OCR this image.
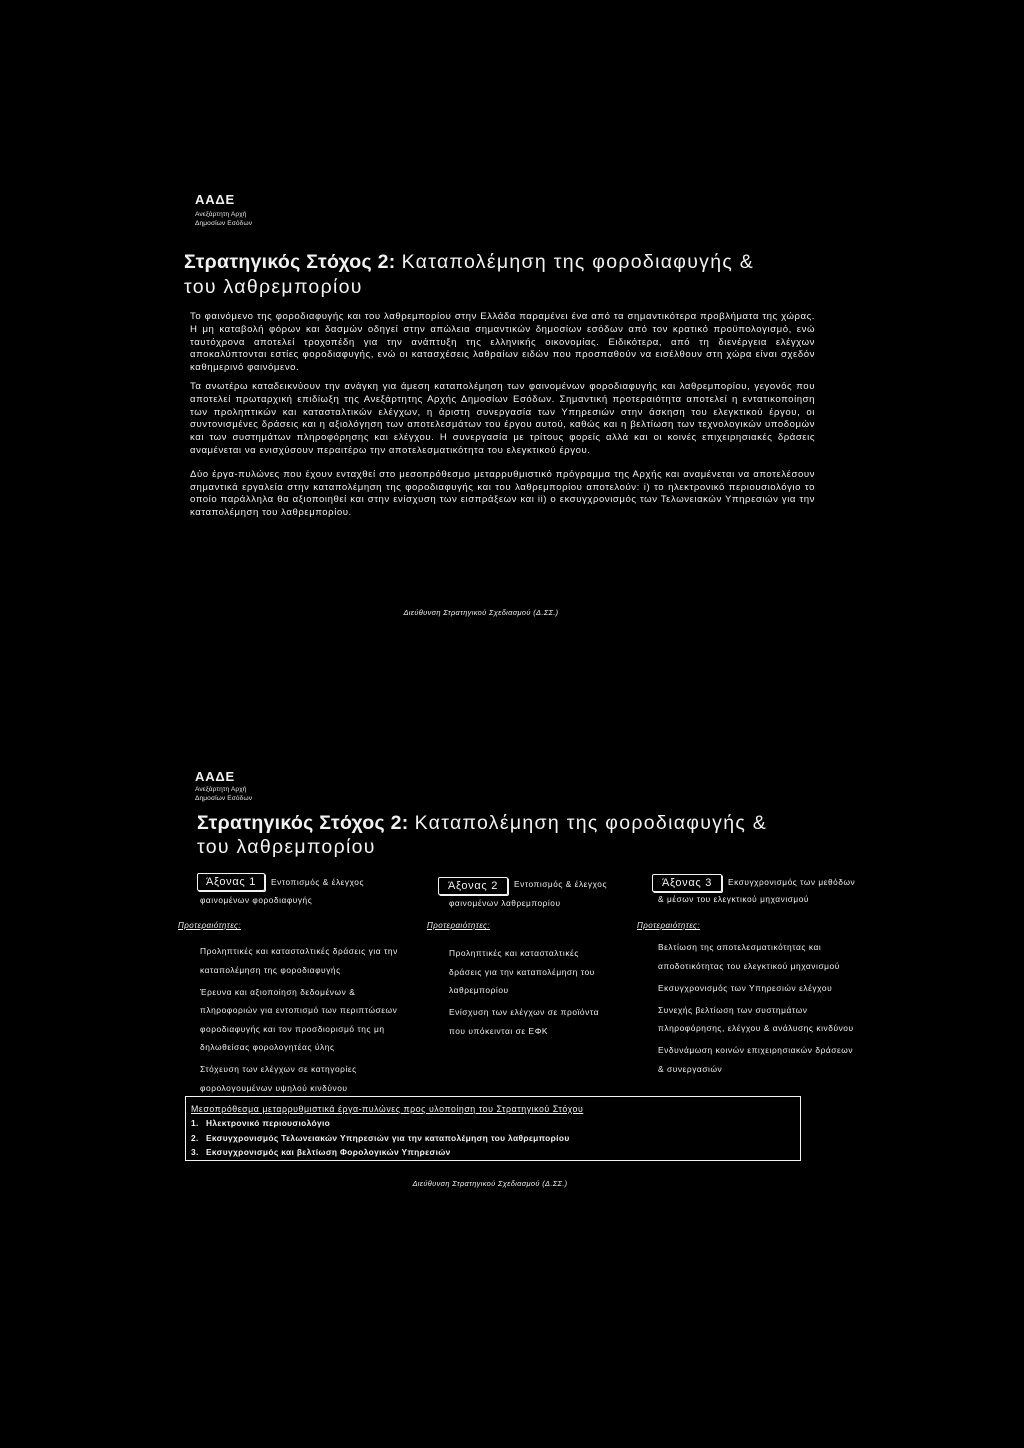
ΑΑΔΕ
Ανεξάρτητη Αρχή
Δημοσίων Εσόδων
Στρατηγικός Στόχος 2: Καταπολέμηση της φοροδιαφυγής &
του λαθρεμπορίου

Το φαινόμενο της φοροδιαφυγής και του λαθρεμπορίου στην Ελλάδα παραμένει ένα από τα σημαντικότερα προβλήματα της χώρας. Η μη καταβολή φόρων και δασμών οδηγεί στην απώλεια σημαντικών δημοσίων εσόδων από τον κρατικό προϋπολογισμό, ενώ ταυτόχρονα αποτελεί τροχοπέδη για την ανάπτυξη της ελληνικής οικονομίας. Ειδικότερα, από τη διενέργεια ελέγχων αποκαλύπτονται εστίες φοροδιαφυγής, ενώ οι κατασχέσεις λαθραίων ειδών που προσπαθούν να εισέλθουν στη χώρα είναι σχεδόν καθημερινό φαινόμενο.

Τα ανωτέρω καταδεικνύουν την ανάγκη για άμεση καταπολέμηση των φαινομένων φοροδιαφυγής και λαθρεμπορίου, γεγονός που αποτελεί πρωταρχική επιδίωξη της Ανεξάρτητης Αρχής Δημοσίων Εσόδων. Σημαντική προτεραιότητα αποτελεί η εντατικοποίηση των προληπτικών και κατασταλτικών ελέγχων, η άριστη συνεργασία των Υπηρεσιών στην άσκηση του ελεγκτικού έργου, οι συντονισμένες δράσεις και η αξιολόγηση των αποτελεσμάτων του έργου αυτού, καθώς και η βελτίωση των τεχνολογικών υποδομών και των συστημάτων πληροφόρησης και ελέγχου. Η συνεργασία με τρίτους φορείς αλλά και οι κοινές επιχειρησιακές δράσεις αναμένεται να ενισχύσουν περαιτέρω την αποτελεσματικότητα του ελεγκτικού έργου.

Δύο έργα-πυλώνες που έχουν ενταχθεί στο μεσοπρόθεσμο μεταρρυθμιστικό πρόγραμμα της Αρχής και αναμένεται να αποτελέσουν σημαντικά εργαλεία στην καταπολέμηση της φοροδιαφυγής και του λαθρεμπορίου αποτελούν: i) το ηλεκτρονικό περιουσιολόγιο το οποίο παράλληλα θα αξιοποιηθεί και στην ενίσχυση των εισπράξεων και ii) ο εκσυγχρονισμός των Τελωνειακών Υπηρεσιών για την καταπολέμηση του λαθρεμπορίου.

Διεύθυνση Στρατηγικού Σχεδιασμού (Δ.ΣΣ.)
ΑΑΔΕ
Ανεξάρτητη Αρχή
Δημοσίων Εσόδων
Στρατηγικός Στόχος 2: Καταπολέμηση της φοροδιαφυγής &
του λαθρεμπορίου
Άξονας 1	Εντοπισμός & έλεγχος
φαινομένων φοροδιαφυγής
Προτεραιότητες:
Προληπτικές και κατασταλτικές δράσεις για την
καταπολέμηση της φοροδιαφυγής
Έρευνα και αξιοποίηση δεδομένων &
πληροφοριών για εντοπισμό των περιπτώσεων
φοροδιαφυγής και τον προσδιορισμό της μη
δηλωθείσας φορολογητέας ύλης
Στόχευση των ελέγχων σε κατηγορίες
φορολογουμένων υψηλού κινδύνου
Άξονας 2	Εντοπισμός & έλεγχος
φαινομένων λαθρεμπορίου
Προτεραιότητες:
Προληπτικές και κατασταλτικές
δράσεις για την καταπολέμηση του
λαθρεμπορίου
Ενίσχυση των ελέγχων σε προϊόντα
που υπόκεινται σε ΕΦΚ
Άξονας 3	Εκσυγχρονισμός των μεθόδων
& μέσων του ελεγκτικού μηχανισμού
Προτεραιότητες:
Βελτίωση της αποτελεσματικότητας και
αποδοτικότητας του ελεγκτικού μηχανισμού
Εκσυγχρονισμός των Υπηρεσιών ελέγχου
Συνεχής βελτίωση των συστημάτων
πληροφόρησης, ελέγχου & ανάλυσης κινδύνου
Ενδυνάμωση κοινών επιχειρησιακών δράσεων
& συνεργασιών
Μεσοπρόθεσμα μεταρρυθμιστικά έργα-πυλώνες προς υλοποίηση του Στρατηγικού Στόχου
1. Ηλεκτρονικό περιουσιολόγιο
2. Εκσυγχρονισμός Τελωνειακών Υπηρεσιών για την καταπολέμηση του λαθρεμπορίου
3. Εκσυγχρονισμός και βελτίωση Φορολογικών Υπηρεσιών
Διεύθυνση Στρατηγικού Σχεδιασμού (Δ.ΣΣ.)
